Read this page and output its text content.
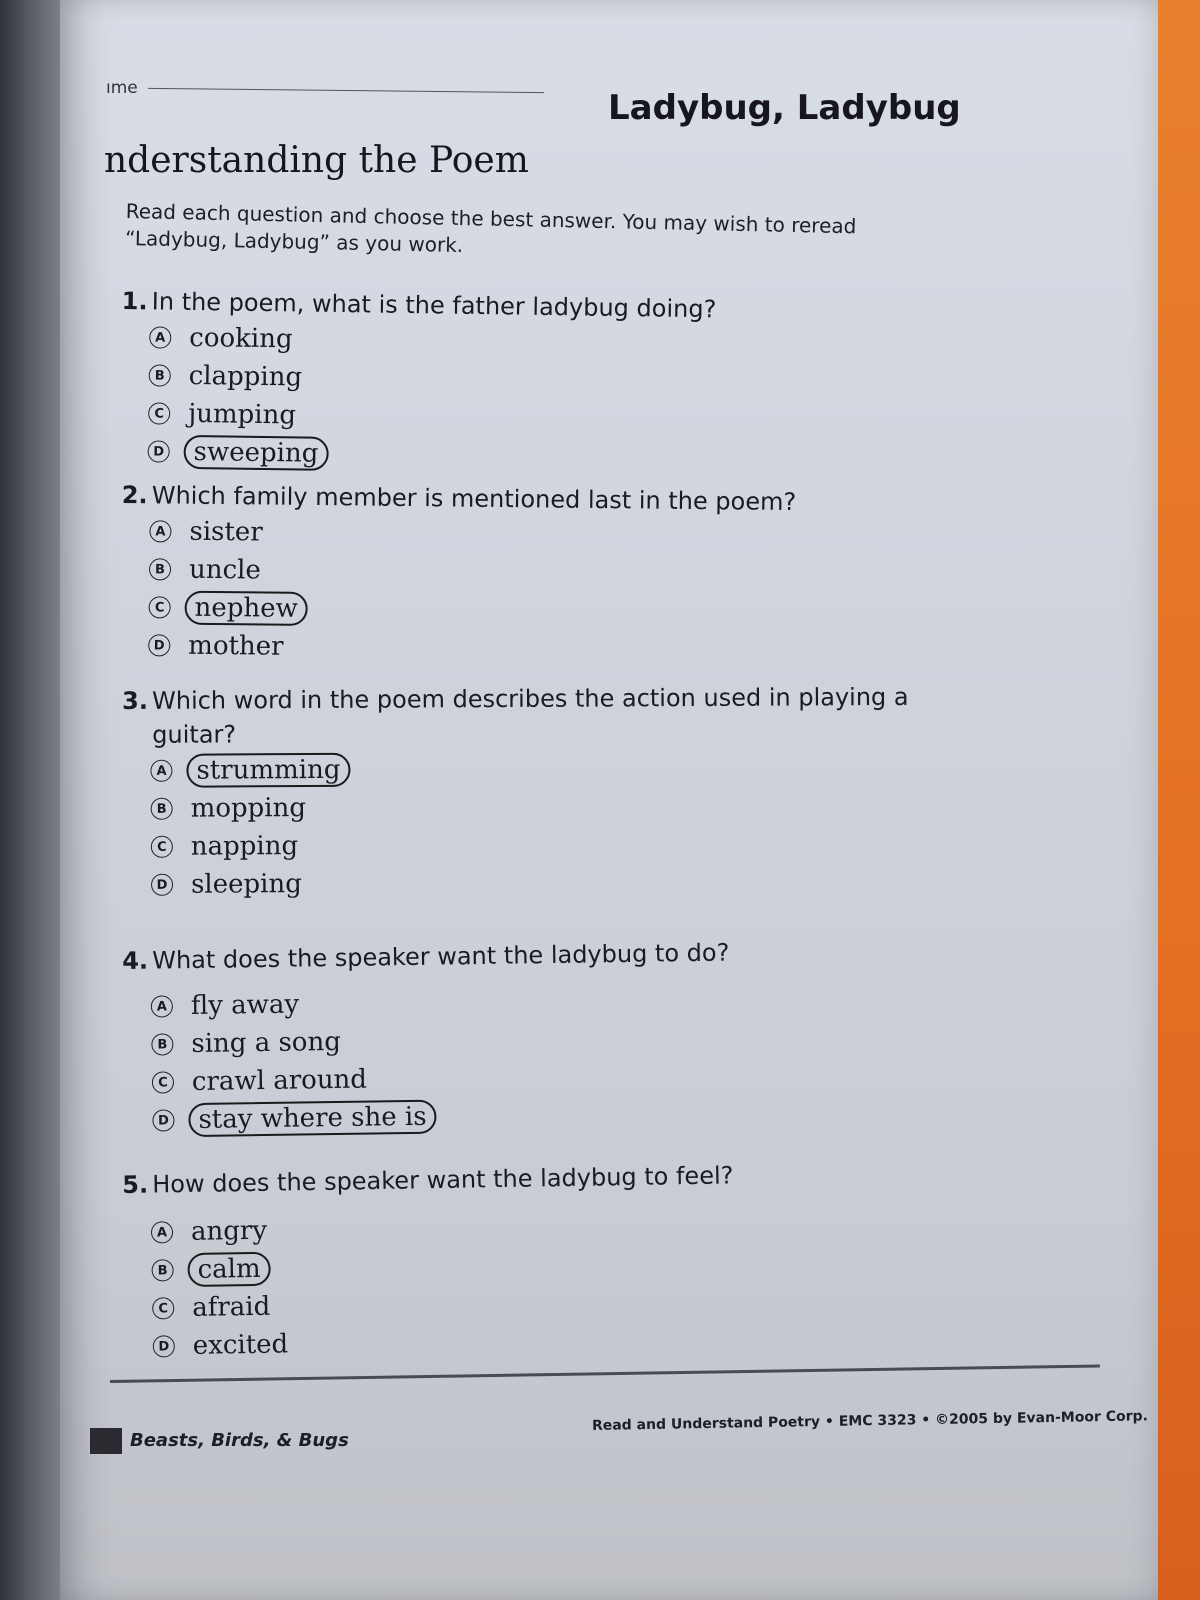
ıme	Ladybug, Ladybug
nderstanding the Poem
Read each question and choose the best answer. You may wish to reread “Ladybug, Ladybug” as you work.
1. In the poem, what is the father ladybug doing?
A cooking
B clapping
C jumping
D	sweeping
2. Which family member is mentioned last in the poem?
A sister
B uncle
C	nephew
D mother
3. Which word in the poem describes the action used in playing a guitar?
A	strumming
B mopping
C napping
D sleeping
4. What does the speaker want the ladybug to do?
A fly away
B sing a song
C crawl around
D	stay where she is
5. How does the speaker want the ladybug to feel?
A angry
B	calm
C afraid
D excited
Beasts, Birds, & Bugs
Read and Understand Poetry • EMC 3323 • ©2005 by Evan-Moor Corp.
